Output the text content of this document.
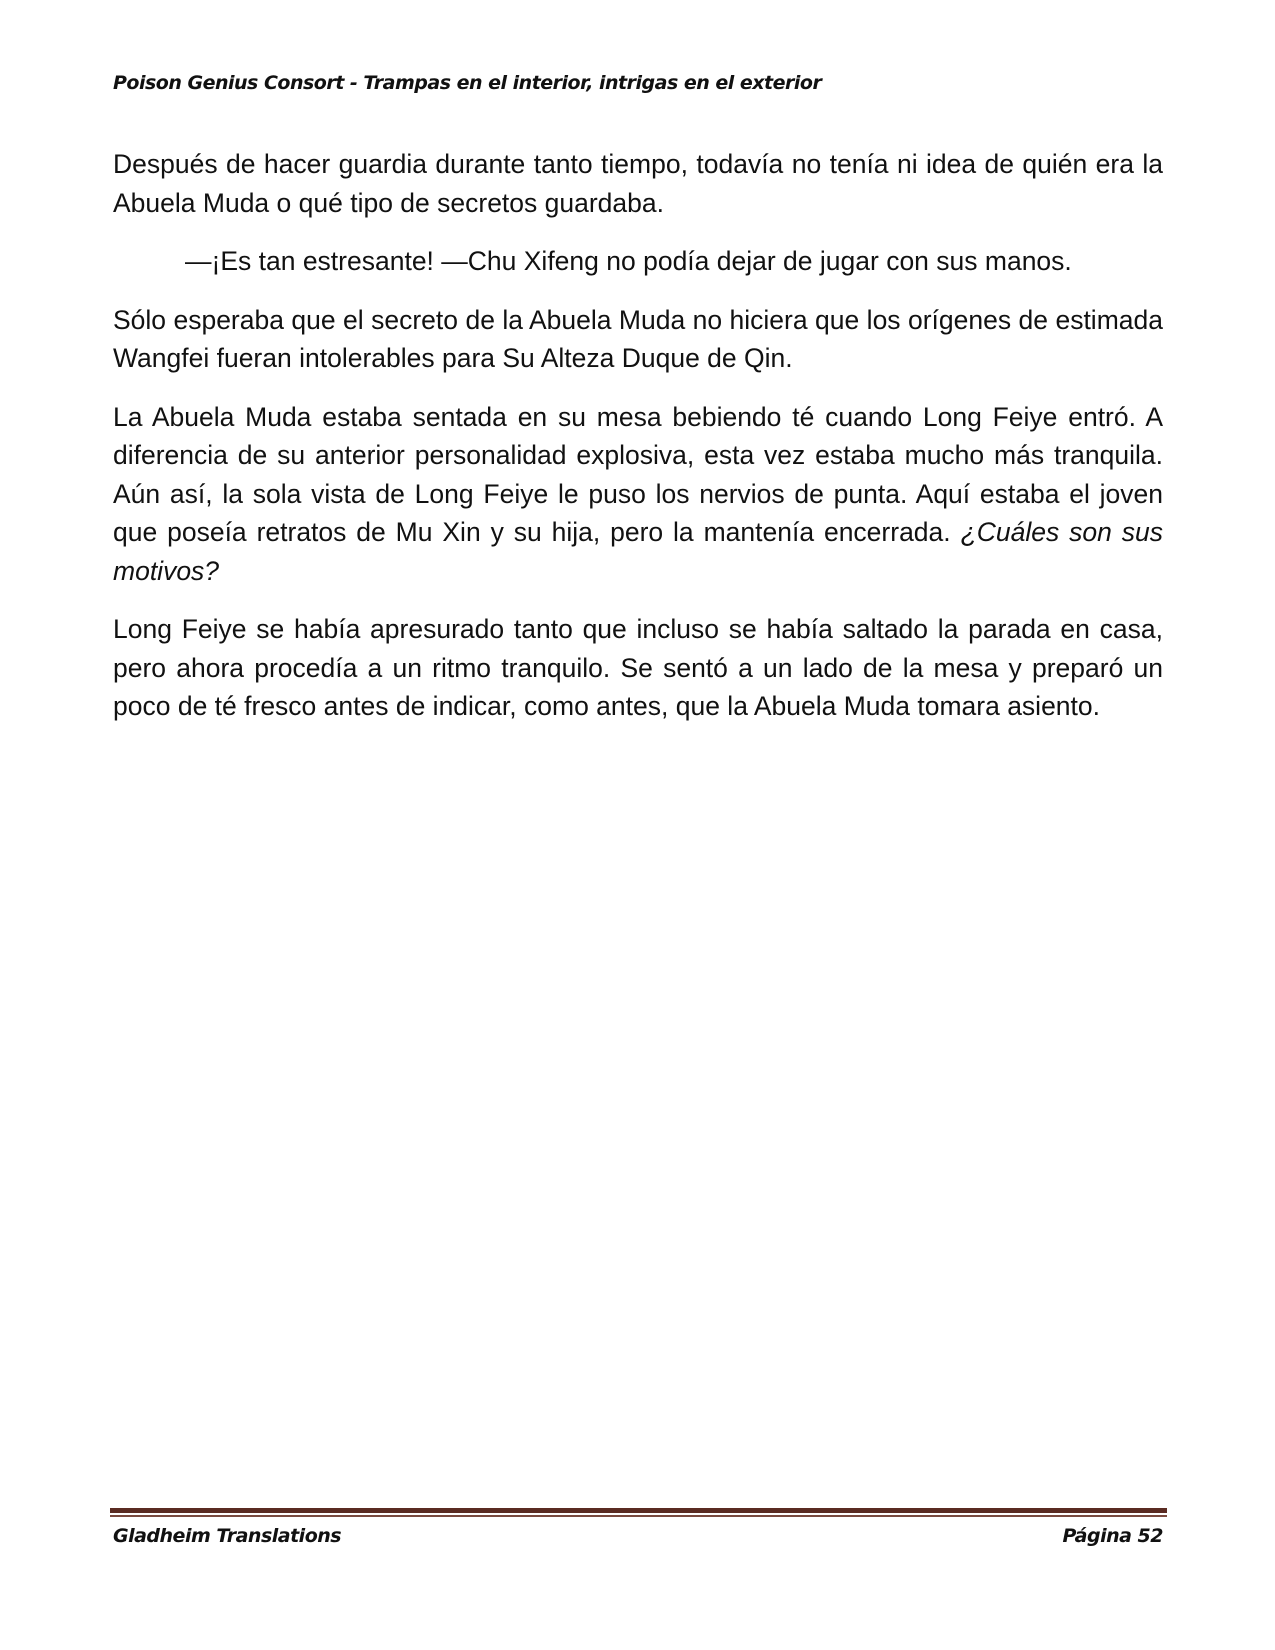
Poison Genius Consort - Trampas en el interior, intrigas en el exterior

Después de hacer guardia durante tanto tiempo, todavía no tenía ni idea de quién era la Abuela Muda o qué tipo de secretos guardaba.

—¡Es tan estresante! —Chu Xifeng no podía dejar de jugar con sus manos.

Sólo esperaba que el secreto de la Abuela Muda no hiciera que los orígenes de estimada Wangfei fueran intolerables para Su Alteza Duque de Qin.

La Abuela Muda estaba sentada en su mesa bebiendo té cuando Long Feiye entró. A diferencia de su anterior personalidad explosiva, esta vez estaba mucho más tranquila. Aún así, la sola vista de Long Feiye le puso los nervios de punta. Aquí estaba el joven que poseía retratos de Mu Xin y su hija, pero la mantenía encerrada. ¿Cuáles son sus motivos?

Long Feiye se había apresurado tanto que incluso se había saltado la parada en casa, pero ahora procedía a un ritmo tranquilo. Se sentó a un lado de la mesa y preparó un poco de té fresco antes de indicar, como antes, que la Abuela Muda tomara asiento.

Gladheim Translations	Página 52
